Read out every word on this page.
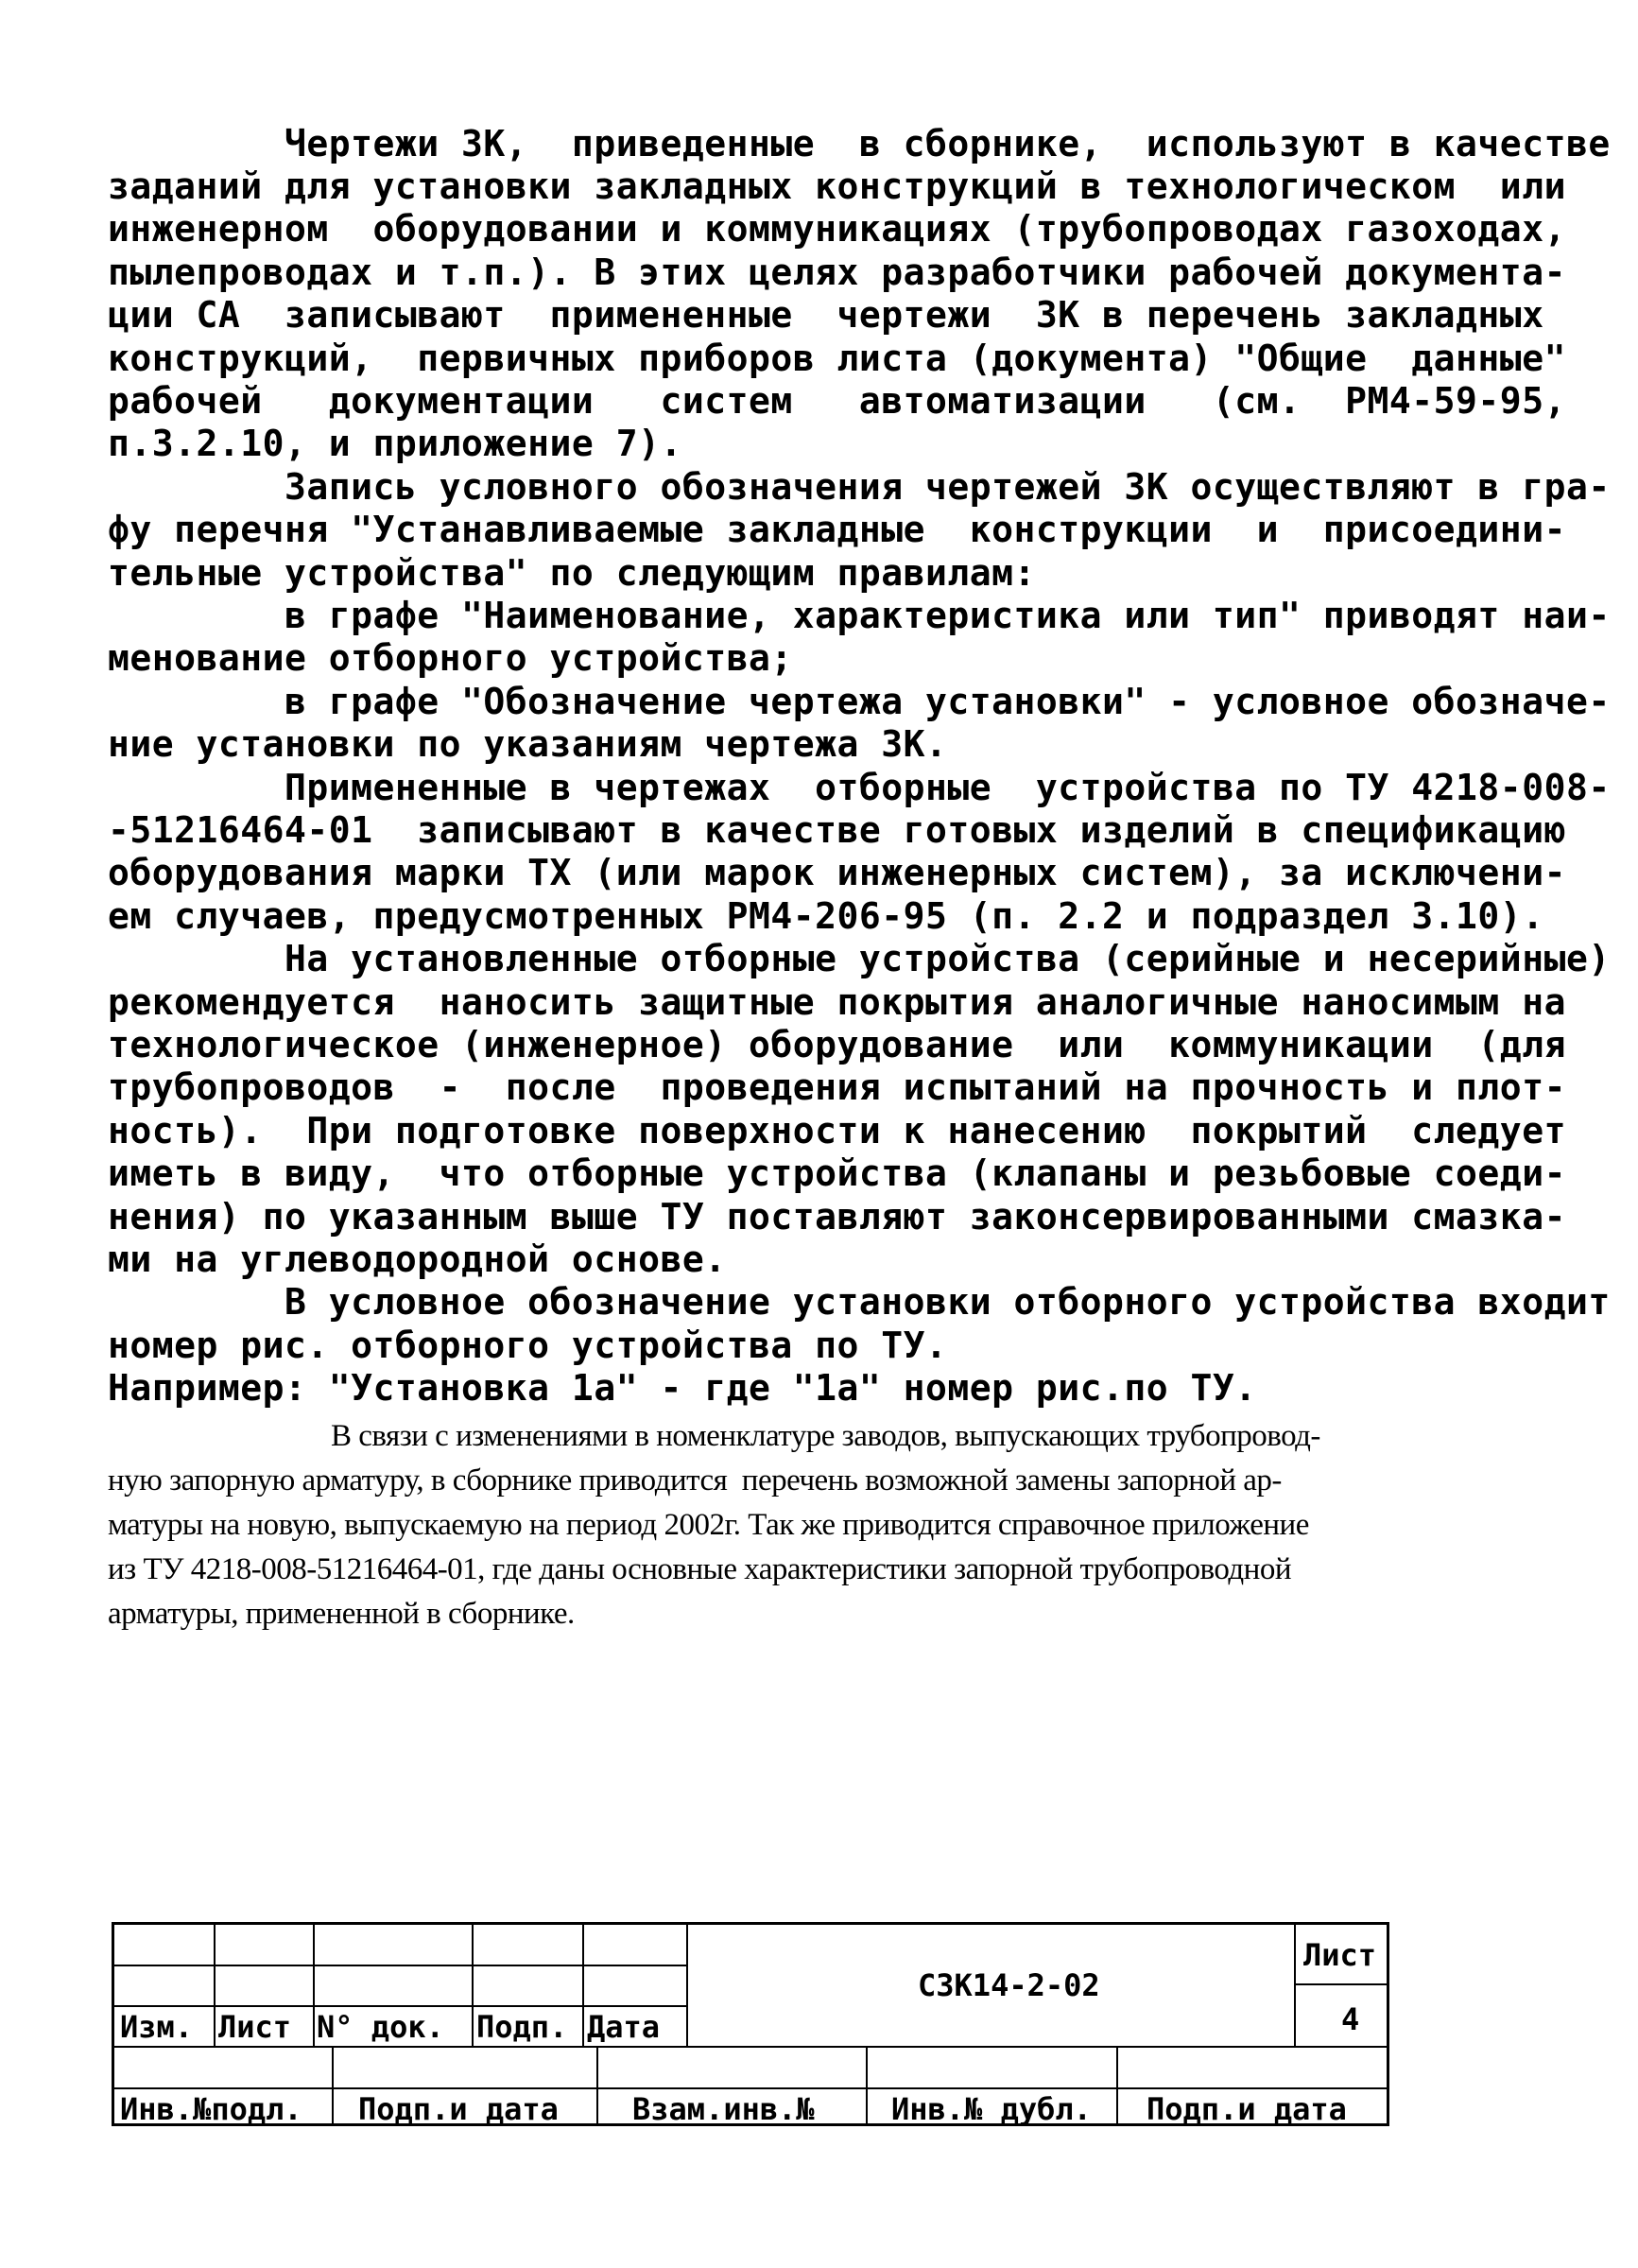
Чертежи ЗК,  приведенные  в сборнике,  используют в качестве
заданий для установки закладных конструкций в технологическом  или
инженерном  оборудовании и коммуникациях (трубопроводах газоходах,
пылепроводах и т.п.). В этих целях разработчики рабочей документа-
ции СА  записывают  примененные  чертежи  ЗК в перечень закладных
конструкций,  первичных приборов листа (документа) "Общие  данные"
рабочей   документации   систем   автоматизации   (см.  РМ4-59-95,
п.3.2.10, и приложение 7).
Запись условного обозначения чертежей ЗК осуществляют в гра-
фу перечня "Устанавливаемые закладные  конструкции  и  присоедини-
тельные устройства" по следующим правилам:
в графе "Наименование, характеристика или тип" приводят наи-
менование отборного устройства;
в графе "Обозначение чертежа установки" - условное обозначе-
ние установки по указаниям чертежа ЗК.
Примененные в чертежах  отборные  устройства по ТУ 4218-008-
-51216464-01  записывают в качестве готовых изделий в спецификацию
оборудования марки ТХ (или марок инженерных систем), за исключени-
ем случаев, предусмотренных РМ4-206-95 (п. 2.2 и подраздел 3.10).
На установленные отборные устройства (серийные и несерийные)
рекомендуется  наносить защитные покрытия аналогичные наносимым на
технологическое (инженерное) оборудование  или  коммуникации  (для
трубопроводов  -  после  проведения испытаний на прочность и плот-
ность).  При подготовке поверхности к нанесению  покрытий  следует
иметь в виду,  что отборные устройства (клапаны и резьбовые соеди-
нения) по указанным выше ТУ поставляют законсервированными смазка-
ми на углеводородной основе.
В условное обозначение установки отборного устройства входит
номер рис. отборного устройства по ТУ.
Например: "Установка 1а" - где "1а" номер рис.по ТУ.
В связи с изменениями в номенклатуре заводов, выпускающих трубопровод-
ную запорную арматуру, в сборнике приводится  перечень возможной замены запорной ар-
матуры на новую, выпускаемую на период 2002г. Так же приводится справочное приложение
из ТУ 4218-008-51216464-01, где даны основные характеристики запорной трубопроводной
арматуры, примененной в сборнике.
Изм. Лист N° док. Подп. Дата
СЗК14-2-02
Лист
4
Инв.№подл. Подп.и дата Взам.инв.№	Инв.№ дубл. Подп.и дата
